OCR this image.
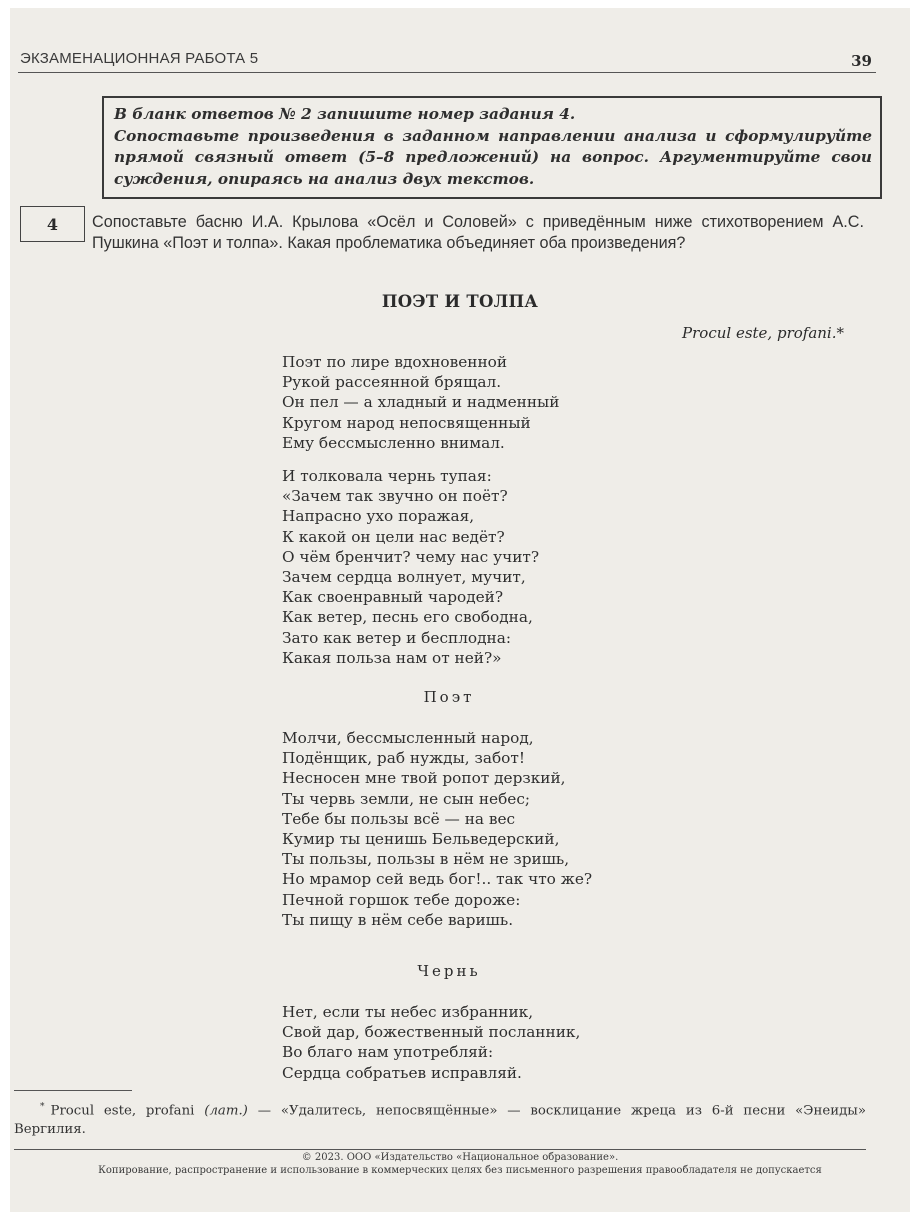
ЭКЗАМЕНАЦИОННАЯ РАБОТА 5	39

В бланк ответов № 2 запишите номер задания 4.

Сопоставьте произведения в заданном направлении анализа и сформулируйте прямой связный ответ (5–8 предложений) на вопрос. Аргументируйте свои суждения, опираясь на анализ двух текстов.

4 Сопоставьте басню И.А. Крылова «Осёл и Соловей» с приведённым ниже стихотворением А.С. Пушкина «Поэт и толпа». Какая проблематика объединяет оба произведения?
ПОЭТ И ТОЛПА
Procul este, profani.*
Поэт по лире вдохновенной
Рукой рассеянной брящал.
Он пел — а хладный и надменный
Кругом народ непосвященный
Ему бессмысленно внимал.
И толковала чернь тупая:
«Зачем так звучно он поёт?
Напрасно ухо поражая,
К какой он цели нас ведёт?
О чём бренчит? чему нас учит?
Зачем сердца волнует, мучит,
Как своенравный чародей?
Как ветер, песнь его свободна,
Зато как ветер и бесплодна:
Какая польза нам от ней?»
Поэт
Молчи, бессмысленный народ,
Подёнщик, раб нужды, забот!
Несносен мне твой ропот дерзкий,
Ты червь земли, не сын небес;
Тебе бы пользы всё — на вес
Кумир ты ценишь Бельведерский,
Ты пользы, пользы в нём не зришь,
Но мрамор сей ведь бог!.. так что же?
Печной горшок тебе дороже:
Ты пищу в нём себе варишь.
Чернь
Нет, если ты небес избранник,
Свой дар, божественный посланник,
Во благо нам употребляй:
Сердца собратьев исправляй.
* Procul este, profani (лат.) — «Удалитесь, непосвящённые» — восклицание жреца из 6-й песни «Энеиды» Вергилия.
© 2023. ООО «Издательство «Национальное образование».
Копирование, распространение и использование в коммерческих целях без письменного разрешения правообладателя не допускается
